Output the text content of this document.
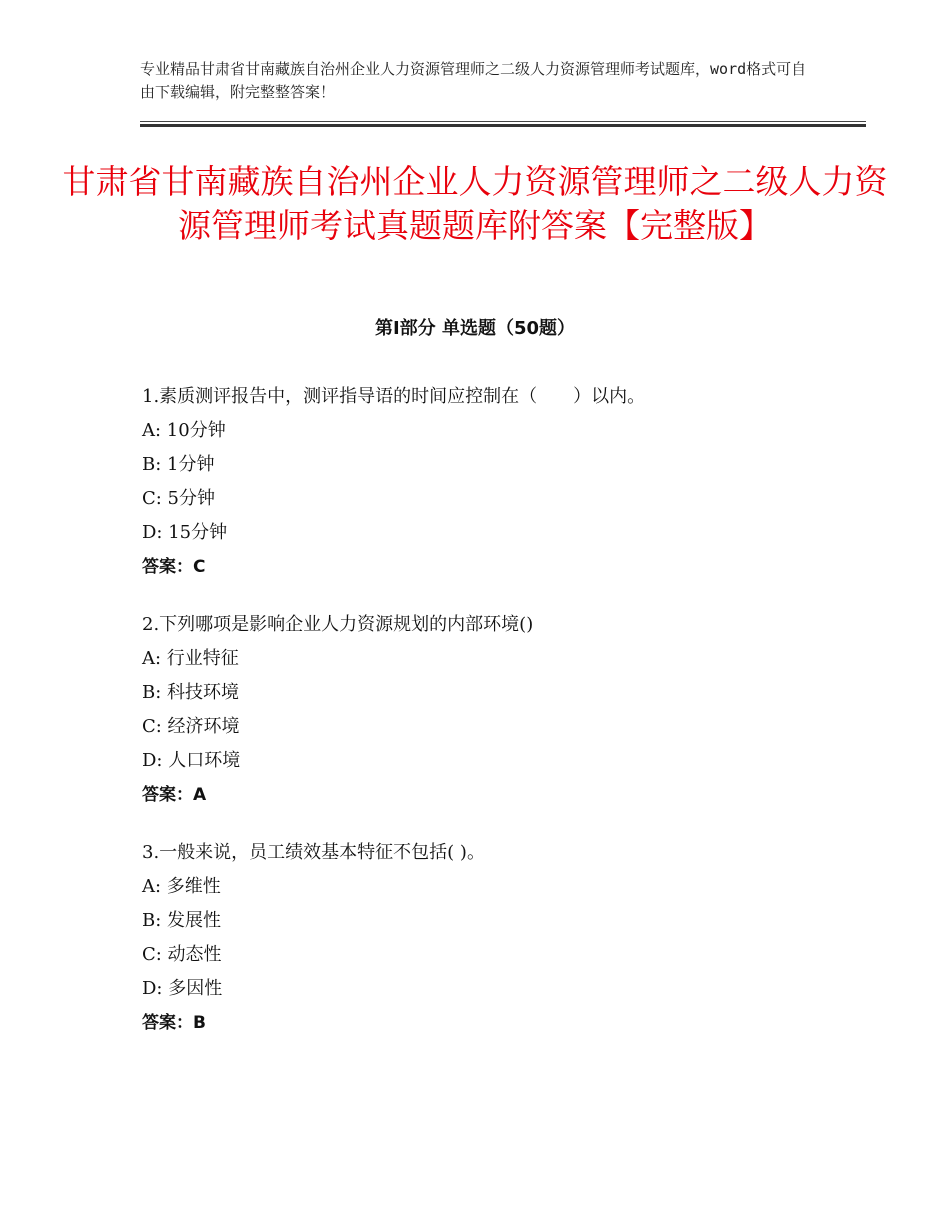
专业精品甘肃省甘南藏族自治州企业人力资源管理师之二级人力资源管理师考试题库，word格式可自由下载编辑，附完整整答案！
甘肃省甘南藏族自治州企业人力资源管理师之二级人力资源管理师考试真题题库附答案【完整版】
第Ⅰ部分 单选题（50题）

1.素质测评报告中，测评指导语的时间应控制在（　　）以内。

A: 10分钟

B: 1分钟

C: 5分钟

D: 15分钟

答案：C

2.下列哪项是影响企业人力资源规划的内部环境()

A: 行业特征

B: 科技环境

C: 经济环境

D: 人口环境

答案：A

3.一般来说，员工绩效基本特征不包括( )。

A: 多维性

B: 发展性

C: 动态性

D: 多因性

答案：B
